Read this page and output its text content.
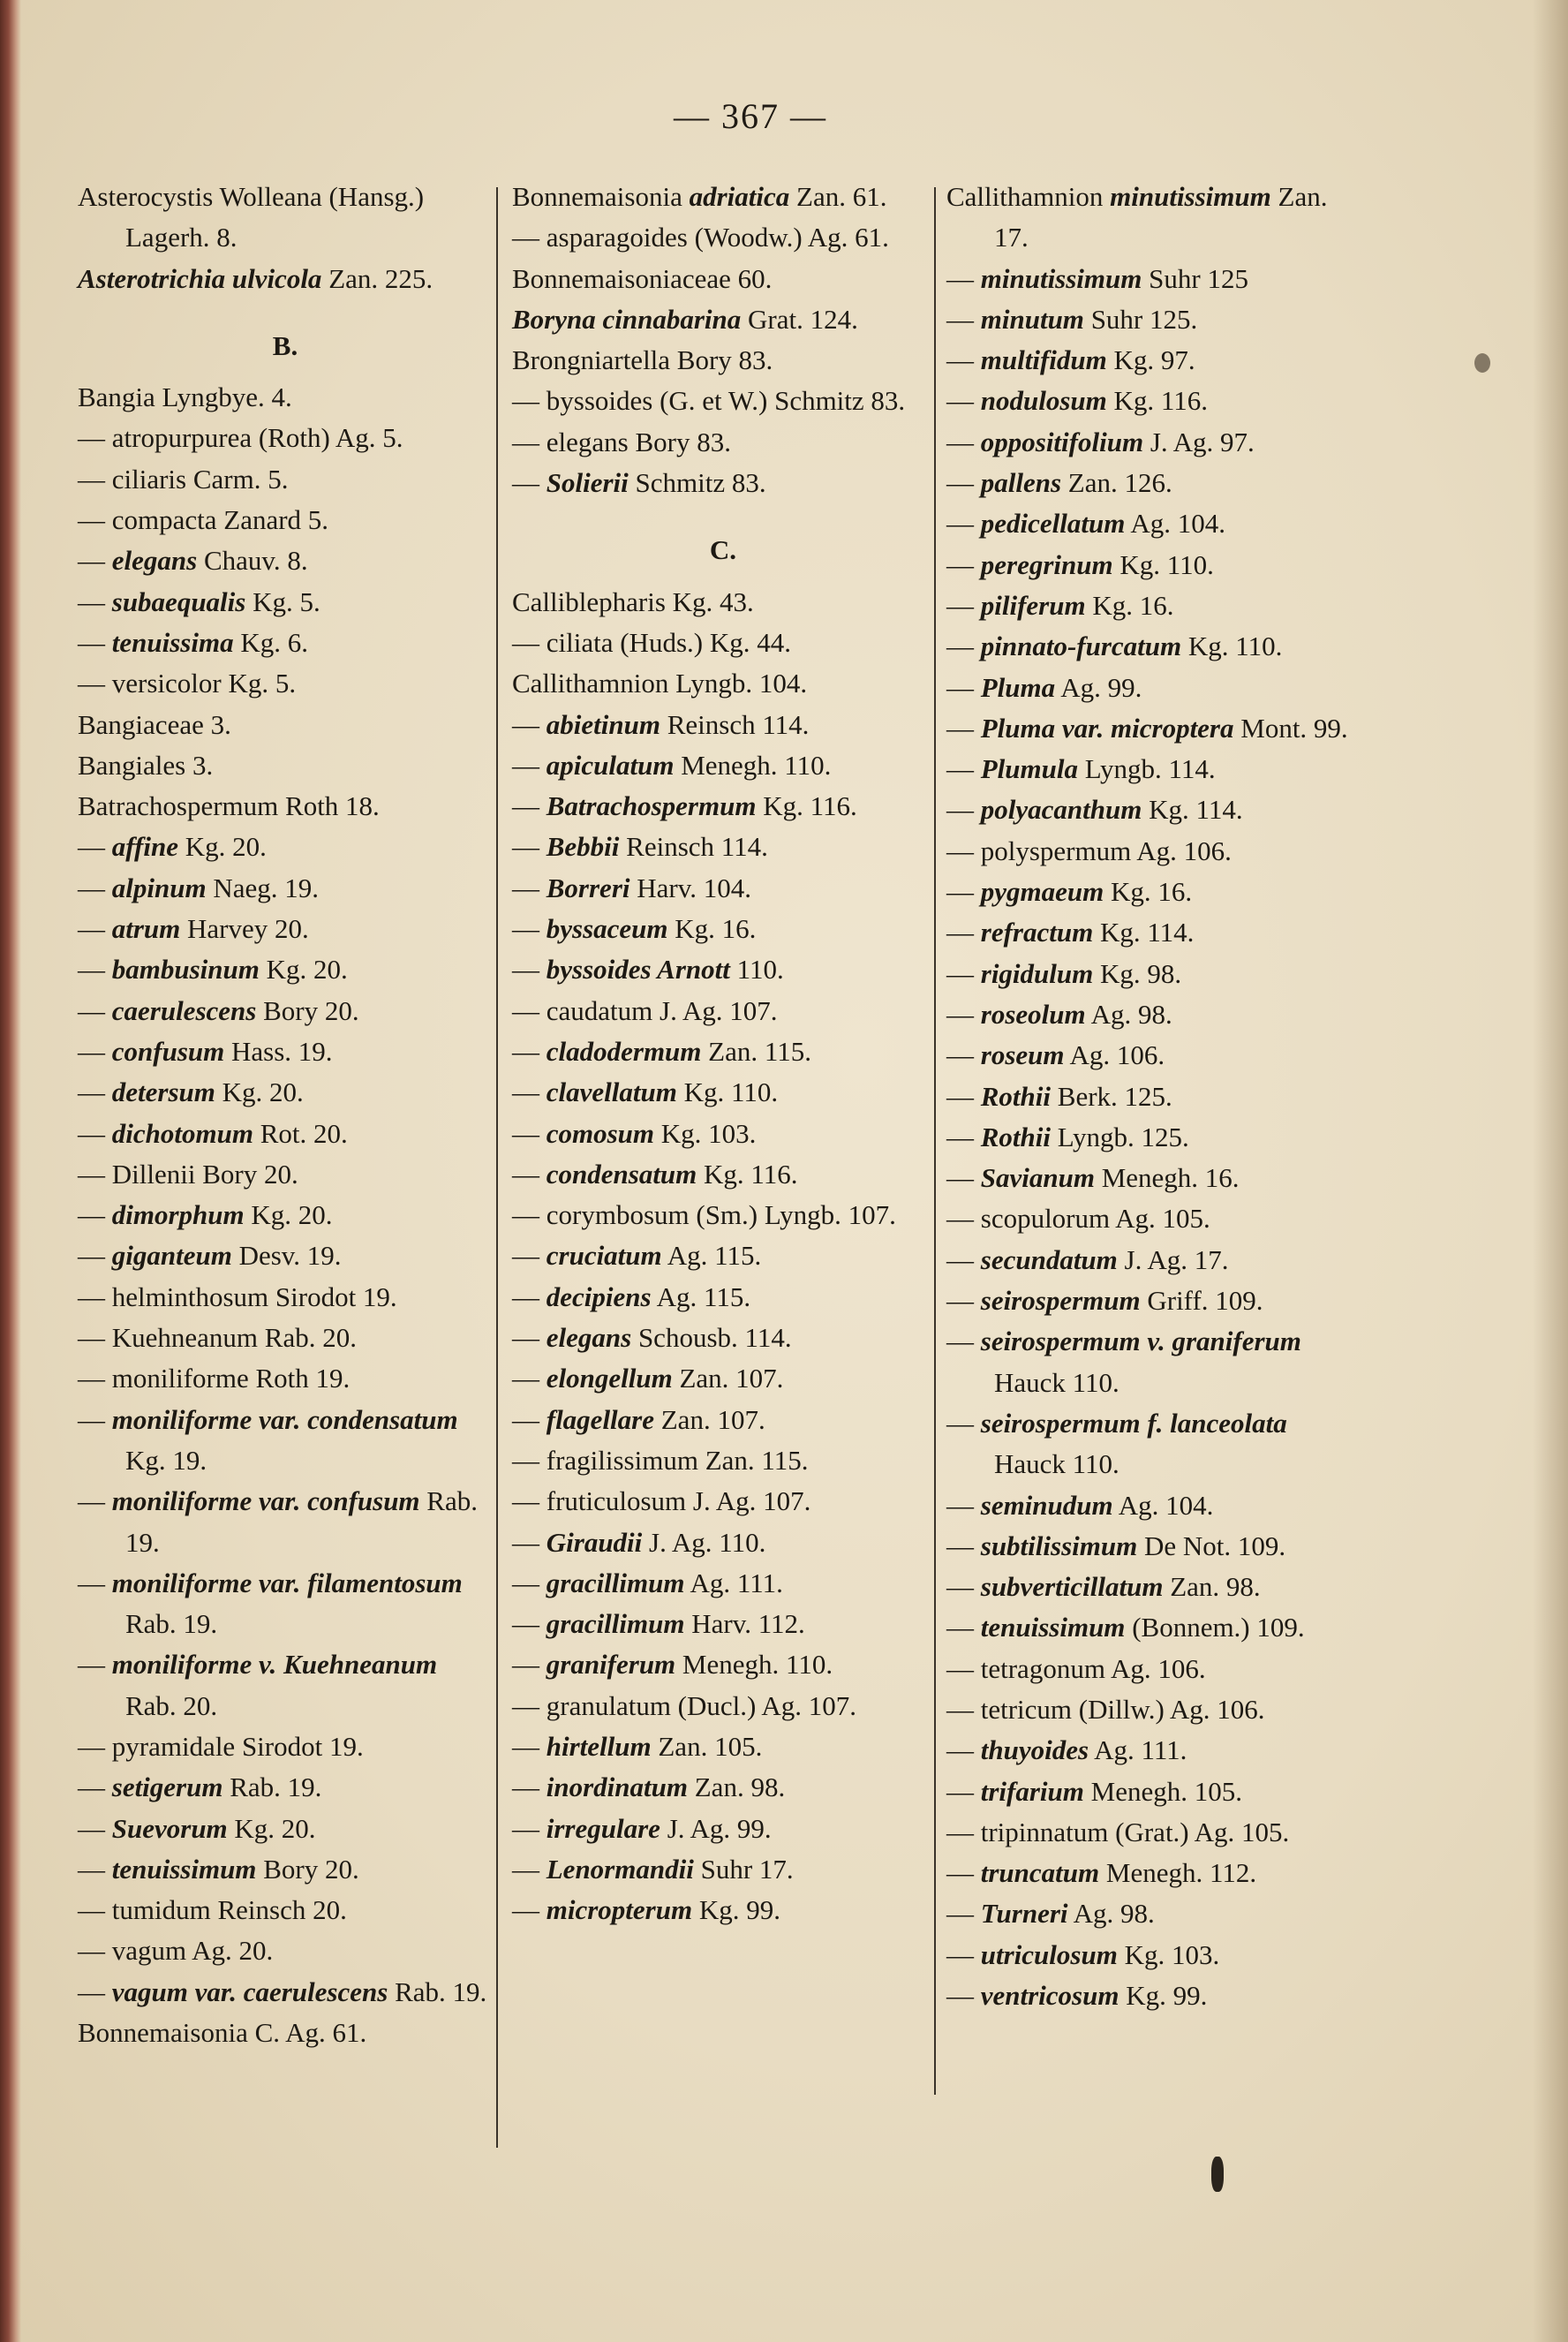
— 367 —
Asterocystis Wolleana (Hansg.) Lagerh. 8.
Asterotrichia ulvicola Zan. 225.
B.
Bangia Lyngbye. 4.
— atropurpurea (Roth) Ag. 5.
— ciliaris Carm. 5.
— compacta Zanard 5.
— elegans Chauv. 8.
— subaequalis Kg. 5.
— tenuissima Kg. 6.
— versicolor Kg. 5.
Bangiaceae 3.
Bangiales 3.
Batrachospermum Roth 18.
— affine Kg. 20.
— alpinum Naeg. 19.
— atrum Harvey 20.
— bambusinum Kg. 20.
— caerulescens Bory 20.
— confusum Hass. 19.
— detersum Kg. 20.
— dichotomum Rot. 20.
— Dillenii Bory 20.
— dimorphum Kg. 20.
— giganteum Desv. 19.
— helminthosum Sirodot 19.
— Kuehneanum Rab. 20.
— moniliforme Roth 19.
— moniliforme var. condensatum Kg. 19.
— moniliforme var. confusum Rab. 19.
— moniliforme var. filamentosum Rab. 19.
— moniliforme v. Kuehneanum Rab. 20.
— pyramidale Sirodot 19.
— setigerum Rab. 19.
— Suevorum Kg. 20.
— tenuissimum Bory 20.
— tumidum Reinsch 20.
— vagum Ag. 20.
— vagum var. caerulescens Rab. 19.
Bonnemaisonia C. Ag. 61.
Bonnemaisonia adriatica Zan. 61.
— asparagoides (Woodw.) Ag. 61.
Bonnemaisoniaceae 60.
Boryna cinnabarina Grat. 124.
Brongniartella Bory 83.
— byssoides (G. et W.) Schmitz 83.
— elegans Bory 83.
— Solierii Schmitz 83.
C.
Calliblepharis Kg. 43.
— ciliata (Huds.) Kg. 44.
Callithamnion Lyngb. 104.
— abietinum Reinsch 114.
— apiculatum Menegh. 110.
— Batrachospermum Kg. 116.
— Bebbii Reinsch 114.
— Borreri Harv. 104.
— byssaceum Kg. 16.
— byssoides Arnott 110.
— caudatum J. Ag. 107.
— cladodermum Zan. 115.
— clavellatum Kg. 110.
— comosum Kg. 103.
— condensatum Kg. 116.
— corymbosum (Sm.) Lyngb. 107.
— cruciatum Ag. 115.
— decipiens Ag. 115.
— elegans Schousb. 114.
— elongellum Zan. 107.
— flagellare Zan. 107.
— fragilissimum Zan. 115.
— fruticulosum J. Ag. 107.
— Giraudii J. Ag. 110.
— gracillimum Ag. 111.
— gracillimum Harv. 112.
— graniferum Menegh. 110.
— granulatum (Ducl.) Ag. 107.
— hirtellum Zan. 105.
— inordinatum Zan. 98.
— irregulare J. Ag. 99.
— Lenormandii Suhr 17.
— micropterum Kg. 99.
Callithamnion minutissimum Zan. 17.
— minutissimum Suhr 125
— minutum Suhr 125.
— multifidum Kg. 97.
— nodulosum Kg. 116.
— oppositifolium J. Ag. 97.
— pallens Zan. 126.
— pedicellatum Ag. 104.
— peregrinum Kg. 110.
— piliferum Kg. 16.
— pinnato-furcatum Kg. 110.
— Pluma Ag. 99.
— Pluma var. microptera Mont. 99.
— Plumula Lyngb. 114.
— polyacanthum Kg. 114.
— polyspermum Ag. 106.
— pygmaeum Kg. 16.
— refractum Kg. 114.
— rigidulum Kg. 98.
— roseolum Ag. 98.
— roseum Ag. 106.
— Rothii Berk. 125.
— Rothii Lyngb. 125.
— Savianum Menegh. 16.
— scopulorum Ag. 105.
— secundatum J. Ag. 17.
— seirospermum Griff. 109.
— seirospermum v. graniferum Hauck 110.
— seirospermum f. lanceolata Hauck 110.
— seminudum Ag. 104.
— subtilissimum De Not. 109.
— subverticillatum Zan. 98.
— tenuissimum (Bonnem.) 109.
— tetragonum Ag. 106.
— tetricum (Dillw.) Ag. 106.
— thuyoides Ag. 111.
— trifarium Menegh. 105.
— tripinnatum (Grat.) Ag. 105.
— truncatum Menegh. 112.
— Turneri Ag. 98.
— utriculosum Kg. 103.
— ventricosum Kg. 99.
